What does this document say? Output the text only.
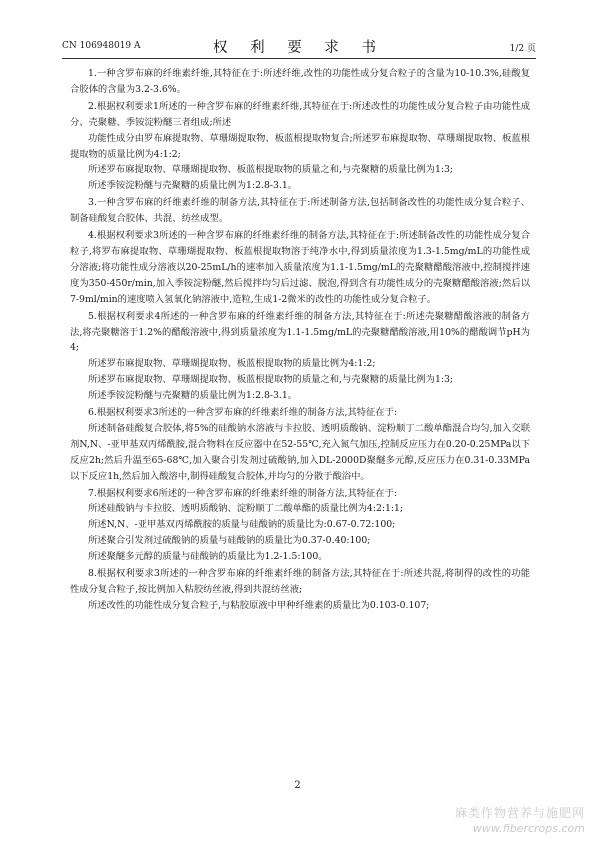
CN 106948019 A	权 利 要 求 书	1/2 页

1.一种含罗布麻的纤维素纤维,其特征在于:所述纤维,改性的功能性成分复合粒子的含量为10-10.3%,硅酸复合胶体的含量为3.2-3.6%。

2.根据权利要求1所述的一种含罗布麻的纤维素纤维,其特征在于:所述改性的功能性成分复合粒子由功能性成分、壳聚糖、季铵淀粉醚三者组成;所述

功能性成分由罗布麻提取物、草珊瑚提取物、板蓝根提取物复合;所述罗布麻提取物、草珊瑚提取物、板蓝根提取物的质量比例为4:1:2;

所述罗布麻提取物、草珊瑚提取物、板蓝根提取物的质量之和,与壳聚糖的质量比例为1:3;

所述季铵淀粉醚与壳聚糖的质量比例为1:2.8-3.1。

3.一种含罗布麻的纤维素纤维的制备方法,其特征在于:所述制备方法,包括制备改性的功能性成分复合粒子、制备硅酸复合胶体、共混、纺丝成型。

4.根据权利要求3所述的一种含罗布麻的纤维素纤维的制备方法,其特征在于:所述制备改性的功能性成分复合粒子,将罗布麻提取物、草珊瑚提取物、板蓝根提取物溶于纯净水中,得到质量浓度为1.3-1.5mg/mL的功能性成分溶液;将功能性成分溶液以20-25mL/h的速率加入质量浓度为1.1-1.5mg/mL的壳聚糖醋酸溶液中,控制搅拌速度为350-450r/min,加入季铵淀粉醚,然后搅拌均匀后过滤、脱泡,得到含有功能性成分的壳聚糖醋酸溶液;然后以7-9ml/min的速度喷入氢氧化钠溶液中,造粒,生成1-2微米的改性的功能性成分复合粒子。

5.根据权利要求4所述的一种含罗布麻的纤维素纤维的制备方法,其特征在于:所述壳聚糖醋酸溶液的制备方法,将壳聚糖溶于1.2%的醋酸溶液中,得到质量浓度为1.1-1.5mg/mL的壳聚糖醋酸溶液,用10%的醋酸调节pH为4;

所述罗布麻提取物、草珊瑚提取物、板蓝根提取物的质量比例为4:1:2;

所述罗布麻提取物、草珊瑚提取物、板蓝根提取物的质量之和,与壳聚糖的质量比例为1:3;

所述季铵淀粉醚与壳聚糖的质量比例为1:2.8-3.1。

6.根据权利要求3所述的一种含罗布麻的纤维素纤维的制备方法,其特征在于:

所述制备硅酸复合胶体,将5%的硅酸钠水溶液与卡拉胶、透明质酸钠、淀粉顺丁二酸单酯混合均匀,加入交联剂N,N、-亚甲基双丙烯酰胺,混合物料在反应器中在52-55℃,充入氮气加压,控制反应压力在0.20-0.25MPa以下反应2h;然后升温至65-68℃,加入聚合引发剂过硫酸钠,加入DL-2000D聚醚多元醇,反应压力在0.31-0.33MPa以下反应1h,然后加入酸溶中,制得硅酸复合胶体,并均匀的分散于酸浴中。

7.根据权利要求6所述的一种含罗布麻的纤维素纤维的制备方法,其特征在于:

所述硅酸钠与卡拉胶、透明质酸钠、淀粉顺丁二酸单酯的质量比例为4:2:1:1;

所述N,N、-亚甲基双丙烯酰胺的质量与硅酸钠的质量比为:0.67-0.72:100;

所述聚合引发剂过硫酸钠的质量与硅酸钠的质量比为0.37-0.40:100;

所述聚醚多元醇的质量与硅酸钠的质量比为1.2-1.5:100。

8.根据权利要求3所述的一种含罗布麻的纤维素纤维的制备方法,其特征在于:所述共混,将制得的改性的功能性成分复合粒子,按比例加入粘胶纺丝液,得到共混纺丝液;

所述改性的功能性成分复合粒子,与粘胶原液中甲种纤维素的质量比为0.103-0.107;

2
麻类作物营养与施肥网
www.fibercrops.com
